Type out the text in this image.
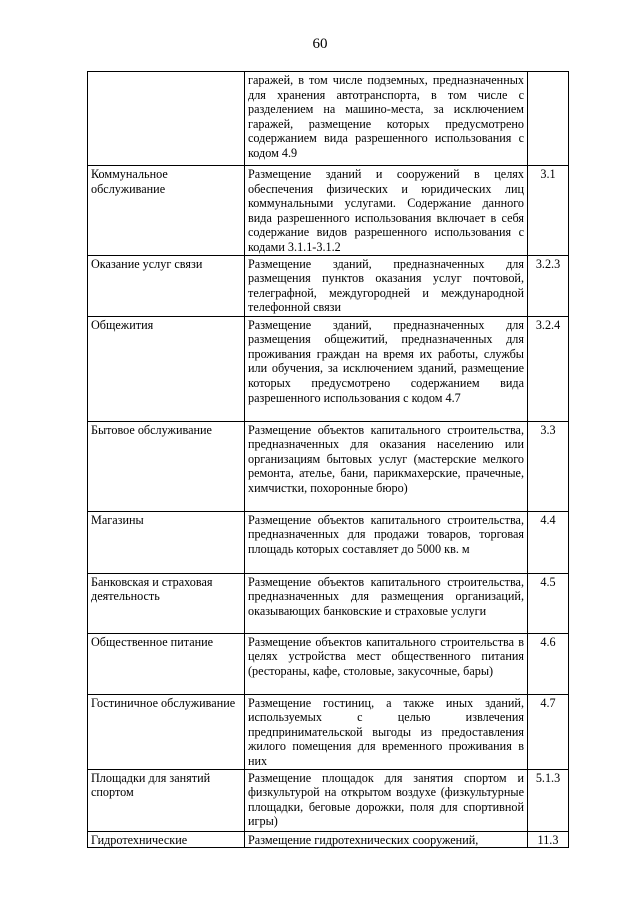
60
	гаражей, в том числе подземных, предназначенных для хранения автотранспорта, в том числе с разделением на машино-места, за исключением гаражей, размещение которых предусмотрено содержанием вида разрешенного использования с кодом 4.9	
Коммунальное обслуживание	Размещение зданий и сооружений в целях обеспечения физических и юридических лиц коммунальными услугами. Содержание данного вида разрешенного использования включает в себя содержание видов разрешенного использования с кодами 3.1.1-3.1.2	3.1
Оказание услуг связи	Размещение зданий, предназначенных для размещения пунктов оказания услуг почтовой, телеграфной, междугородней и международной телефонной связи	3.2.3
Общежития	Размещение зданий, предназначенных для размещения общежитий, предназначенных для проживания граждан на время их работы, службы или обучения, за исключением зданий, размещение которых предусмотрено содержанием вида разрешенного использования с кодом 4.7	3.2.4
Бытовое обслуживание	Размещение объектов капитального строительства, предназначенных для оказания населению или организациям бытовых услуг (мастерские мелкого ремонта, ателье, бани, парикмахерские, прачечные, химчистки, похоронные бюро)	3.3
Магазины	Размещение объектов капитального строительства, предназначенных для продажи товаров, торговая площадь которых составляет до 5000 кв. м	4.4
Банковская и страховая деятельность	Размещение объектов капитального строительства, предназначенных для размещения организаций, оказывающих банковские и страховые услуги	4.5
Общественное питание	Размещение объектов капитального строительства в целях устройства мест общественного питания (рестораны, кафе, столовые, закусочные, бары)	4.6
Гостиничное обслуживание	Размещение гостиниц, а также иных зданий, используемых с целью извлечения предпринимательской выгоды из предоставления жилого помещения для временного проживания в них	4.7
Площадки для занятий спортом	Размещение площадок для занятия спортом и физкультурой на открытом воздухе (физкультурные площадки, беговые дорожки, поля для спортивной игры)	5.1.3
Гидротехнические	Размещение гидротехнических сооружений,	11.3
